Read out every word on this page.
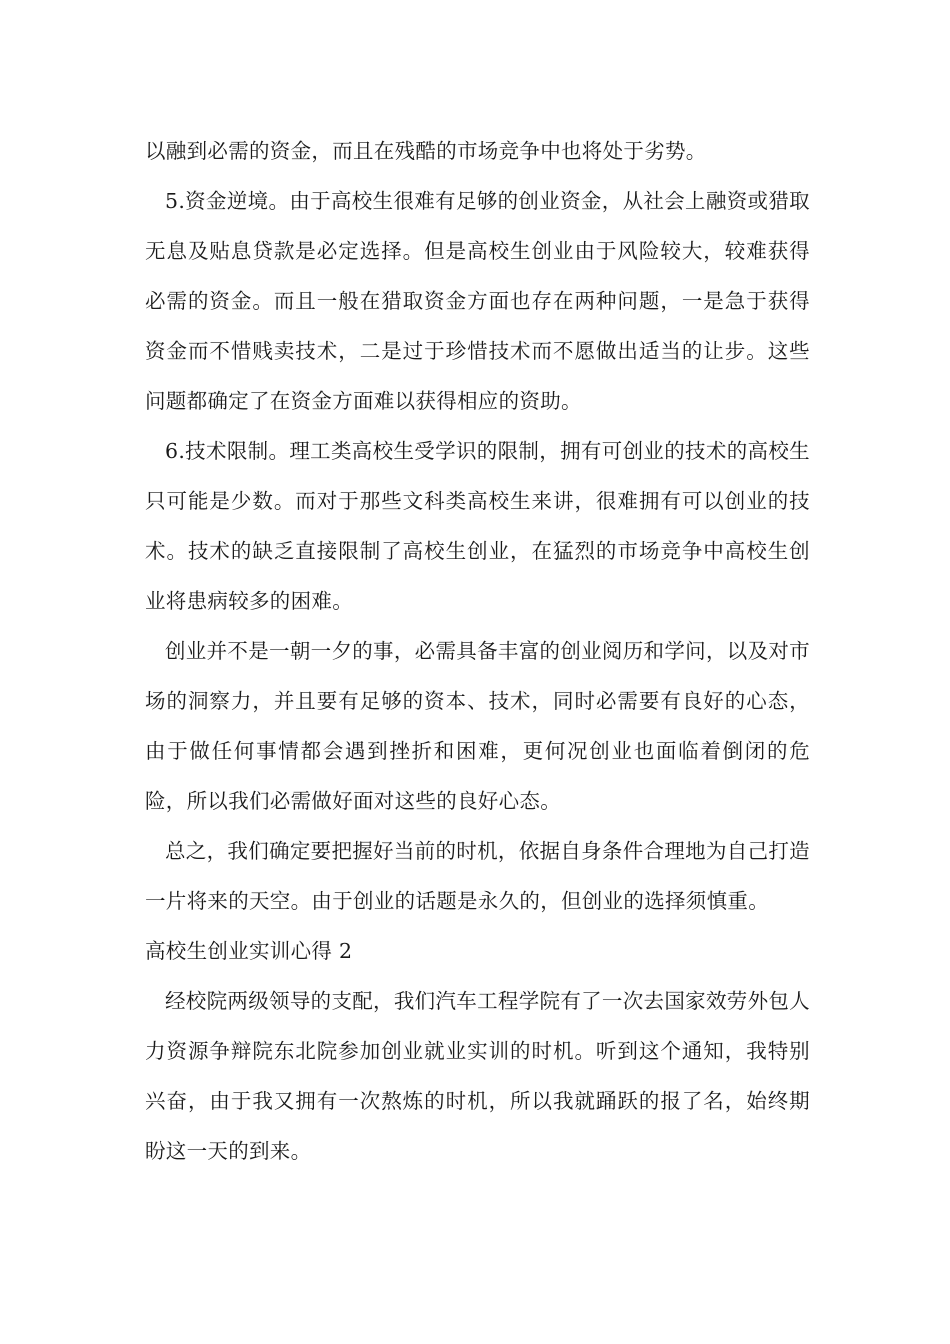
以融到必需的资金，而且在残酷的市场竞争中也将处于劣势。

5.资金逆境。由于高校生很难有足够的创业资金，从社会上融资或猎取无息及贴息贷款是必定选择。但是高校生创业由于风险较大，较难获得必需的资金。而且一般在猎取资金方面也存在两种问题，一是急于获得资金而不惜贱卖技术，二是过于珍惜技术而不愿做出适当的让步。这些问题都确定了在资金方面难以获得相应的资助。

6.技术限制。理工类高校生受学识的限制，拥有可创业的技术的高校生只可能是少数。而对于那些文科类高校生来讲，很难拥有可以创业的技术。技术的缺乏直接限制了高校生创业，在猛烈的市场竞争中高校生创业将患病较多的困难。

创业并不是一朝一夕的事，必需具备丰富的创业阅历和学问，以及对市场的洞察力，并且要有足够的资本、技术，同时必需要有良好的心态，由于做任何事情都会遇到挫折和困难，更何况创业也面临着倒闭的危险，所以我们必需做好面对这些的良好心态。

总之，我们确定要把握好当前的时机，依据自身条件合理地为自己打造一片将来的天空。由于创业的话题是永久的，但创业的选择须慎重。

高校生创业实训心得 2

经校院两级领导的支配，我们汽车工程学院有了一次去国家效劳外包人力资源争辩院东北院参加创业就业实训的时机。听到这个通知，我特别兴奋，由于我又拥有一次熬炼的时机，所以我就踊跃的报了名，始终期盼这一天的到来。
